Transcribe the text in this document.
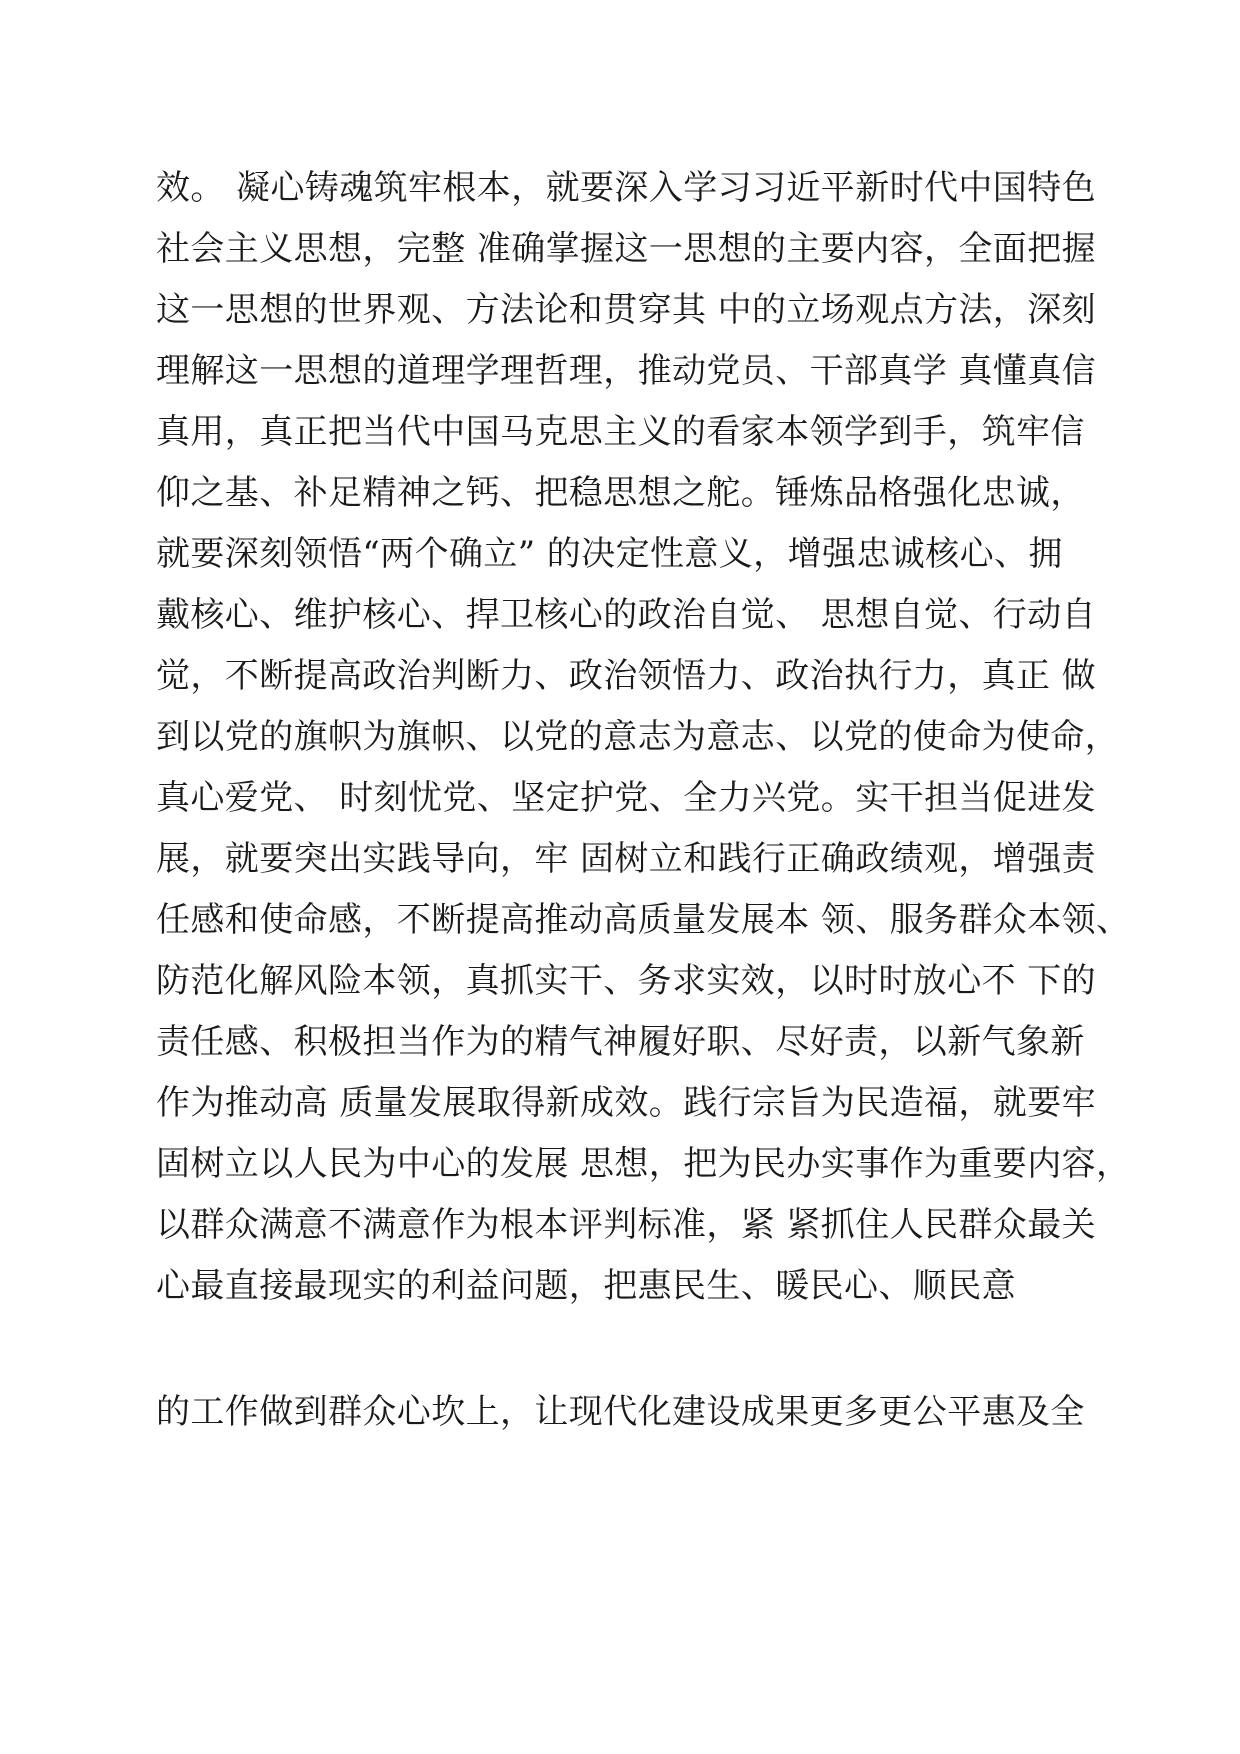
效。 凝心铸魂筑牢根本，就要深入学习习近平新时代中国特色

社会主义思想，完整 准确掌握这一思想的主要内容，全面把握

这一思想的世界观、方法论和贯穿其 中的立场观点方法，深刻

理解这一思想的道理学理哲理，推动党员、干部真学 真懂真信

真用，真正把当代中国马克思主义的看家本领学到手，筑牢信

仰之基、补足精神之钙、把稳思想之舵。锤炼品格强化忠诚，

就要深刻领悟“两个确立” 的决定性意义，增强忠诚核心、拥

戴核心、维护核心、捍卫核心的政治自觉、 思想自觉、行动自

觉，不断提高政治判断力、政治领悟力、政治执行力，真正 做

到以党的旗帜为旗帜、以党的意志为意志、以党的使命为使命，

真心爱党、 时刻忧党、坚定护党、全力兴党。实干担当促进发

展，就要突出实践导向，牢 固树立和践行正确政绩观，增强责

任感和使命感，不断提高推动高质量发展本 领、服务群众本领、

防范化解风险本领，真抓实干、务求实效，以时时放心不 下的

责任感、积极担当作为的精气神履好职、尽好责，以新气象新

作为推动高 质量发展取得新成效。践行宗旨为民造福，就要牢

固树立以人民为中心的发展 思想，把为民办实事作为重要内容，

以群众满意不满意作为根本评判标准，紧 紧抓住人民群众最关

心最直接最现实的利益问题，把惠民生、暖民心、顺民意

的工作做到群众心坎上，让现代化建设成果更多更公平惠及全
